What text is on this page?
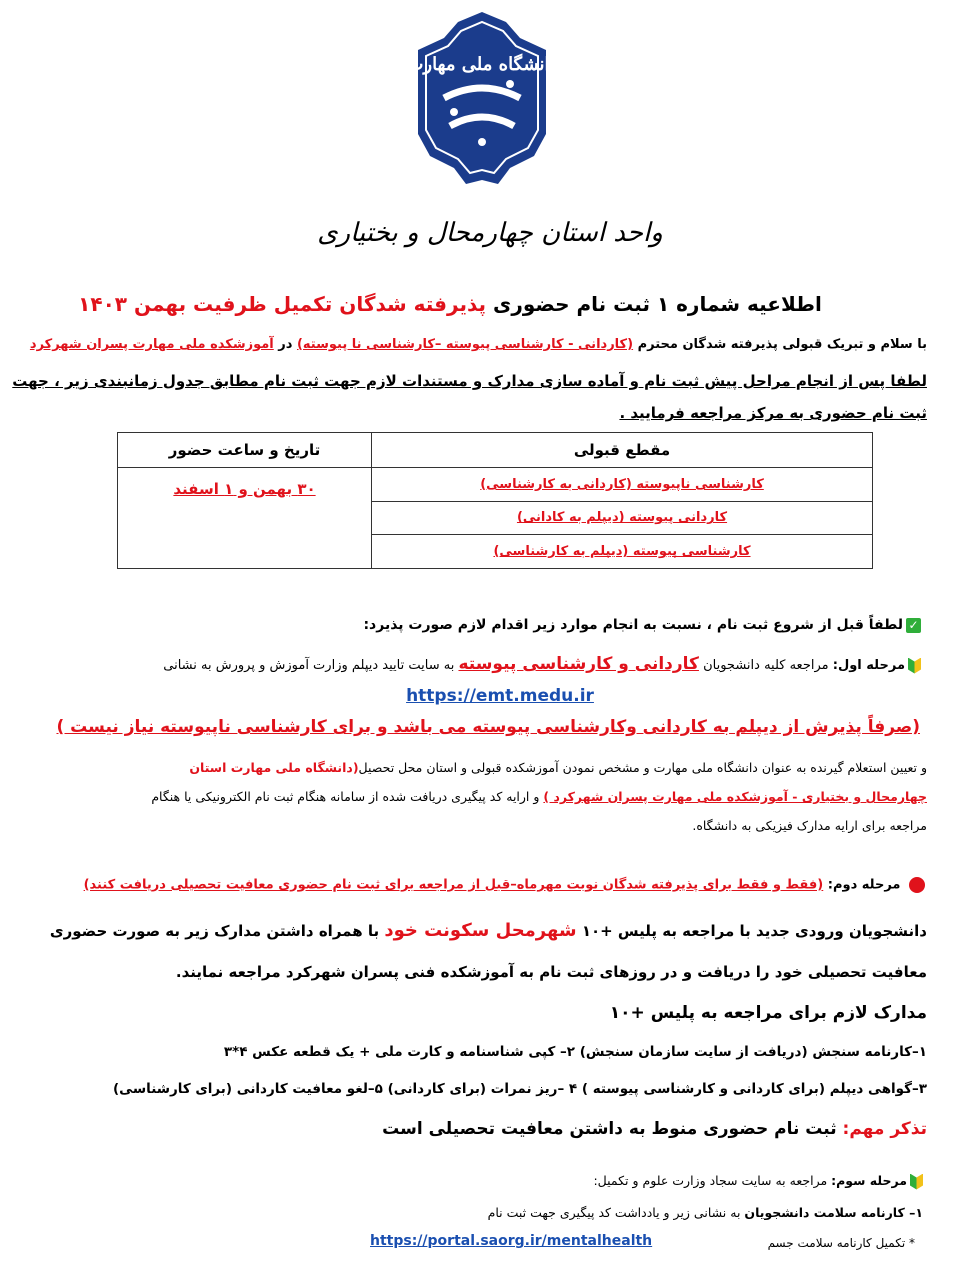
دانشگاه ملی مهارت
واحد استان چهارمحال و بختیاری
اطلاعیه شماره ۱ ثبت نام حضوری پذیرفته شدگان تکمیل ظرفیت بهمن ۱۴۰۳
با سلام و تبریک قبولی پذیرفته شدگان محترم (کاردانی - کارشناسی پیوسته –کارشناسی نا پیوسته) در آموزشکده ملی مهارت پسران شهرکرد
لطفا پس از انجام مراحل پیش ثبت نام و آماده سازی مدارک و مستندات لازم جهت ثبت نام مطابق جدول زمانبندی زیر ، جهت
ثبت نام حضوری به مرکز مراجعه فرمایید .
مقطع قبولی	تاریخ و ساعت حضور
کارشناسی ناپیوسته (کاردانی به کارشناسی)	۳۰ بهمن و ۱ اسفند
کاردانی پیوسته (دیپلم به کادانی)	
کارشناسی پیوسته (دیپلم به کارشناسی)	
✓لطفاً قبل از شروع ثبت نام ، نسبت به انجام موارد زیر اقدام لازم صورت پذیرد:
مرحله اول: مراجعه کلیه دانشجویان کاردانی و کارشناسی پیوسته به سایت تایید دیپلم وزارت آموزش و پرورش به نشانی
https://emt.medu.ir
(صرفاً پذیرش از دیپلم به کاردانی وکارشناسی پیوسته می باشد و برای کارشناسی ناپیوسته نیاز نیست )
و تعیین استعلام گیرنده به عنوان دانشگاه ملی مهارت و مشخص نمودن آموزشکده قبولی و استان محل تحصیل(دانشگاه ملی مهارت استان
چهارمحال و بختیاری - آموزشکده ملی مهارت پسران شهرکرد ) و ارایه کد پیگیری دریافت شده از سامانه هنگام ثبت نام الکترونیکی یا هنگام
مراجعه برای ارایه مدارک فیزیکی به دانشگاه.
مرحله دوم: (فقط و فقط برای پذیرفته شدگان نوبت مهرماه–قبل از مراجعه برای ثبت نام حضوری معافیت تحصیلی دریافت کنند)
دانشجویان ورودی جدید با مراجعه به پلیس +۱۰ شهرمحل سکونت خود با همراه داشتن مدارک زیر به صورت حضوری
معافیت تحصیلی خود را دریافت و در روزهای ثبت نام به آموزشکده فنی پسران شهرکرد مراجعه نمایند.
مدارک لازم برای مراجعه به پلیس +۱۰
۱–کارنامه سنجش (دریافت از سایت سازمان سنجش) ۲– کپی شناسنامه و کارت ملی + یک قطعه عکس ۴*۳
۳–گواهی دیپلم (برای کاردانی و کارشناسی پیوسته ) ۴ –ریز نمرات (برای کاردانی) ۵–لغو معافیت کاردانی (برای کارشناسی)
تذکر مهم: ثبت نام حضوری منوط به داشتن معافیت تحصیلی است
مرحله سوم: مراجعه به سایت سجاد وزارت علوم و تکمیل:
۱– کارنامه سلامت دانشجویان به نشانی زیر و یادداشت کد پیگیری جهت ثبت نام
* تکمیل کارنامه سلامت جسم
https://portal.saorg.ir/mentalhealth
